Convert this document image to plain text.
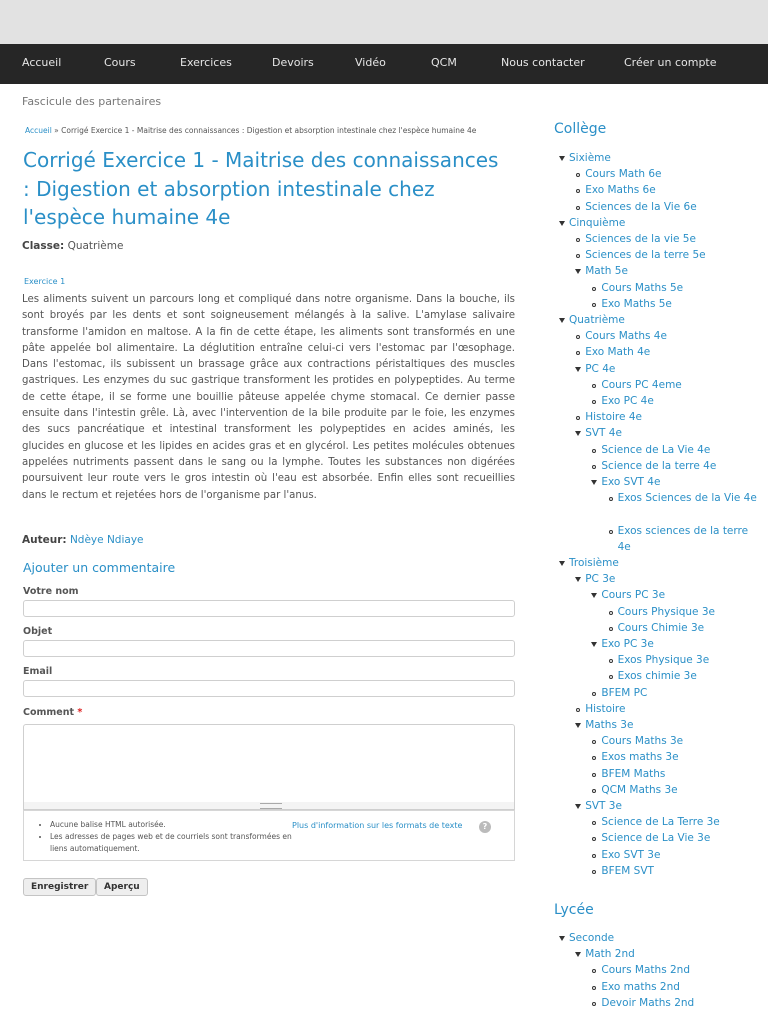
Accueil	Cours	Exercices	Devoirs	Vidéo	QCM	Nous contacter	Créer un compte
Fascicule des partenaires
Accueil » Corrigé Exercice 1 - Maitrise des connaissances : Digestion et absorption intestinale chez l'espèce humaine 4e
Corrigé Exercice 1 - Maitrise des connaissances : Digestion et absorption intestinale chez l'espèce humaine 4e
Classe: Quatrième
Exercice 1

Les aliments suivent un parcours long et compliqué dans notre organisme. Dans la bouche, ils sont broyés par les dents et sont soigneusement mélangés à la salive. L'amylase salivaire transforme l'amidon en maltose. A la fin de cette étape, les aliments sont transformés en une pâte appelée bol alimentaire. La déglutition entraîne celui-ci vers l'estomac par l'œsophage. Dans l'estomac, ils subissent un brassage grâce aux contractions péristaltiques des muscles gastriques. Les enzymes du suc gastrique transforment les protides en polypeptides. Au terme de cette étape, il se forme une bouillie pâteuse appelée chyme stomacal. Ce dernier passe ensuite dans l'intestin grêle. Là, avec l'intervention de la bile produite par le foie, les enzymes des sucs pancréatique et intestinal transforment les polypeptides en acides aminés, les glucides en glucose et les lipides en acides gras et en glycérol. Les petites molécules obtenues appelées nutriments passent dans le sang ou la lymphe. Toutes les substances non digérées poursuivent leur route vers le gros intestin où l'eau est absorbée. Enfin elles sont recueillies dans le rectum et rejetées hors de l'organisme par l'anus.

Auteur: Ndèye Ndiaye
Ajouter un commentaire
Votre nom
Objet
Email
Comment *
• Aucune balise HTML autorisée.
• Les adresses de pages web et de courriels sont transformées en liens automatiquement.
Plus d'information sur les formats de texte	?
Enregistrer	Aperçu
Collège
Sixième
Cours Math 6e
Exo Maths 6e
Sciences de la Vie 6e
Cinquième
Sciences de la vie 5e
Sciences de la terre 5e
Math 5e
Cours Maths 5e
Exo Maths 5e
Quatrième
Cours Maths 4e
Exo Math 4e
PC 4e
Cours PC 4eme
Exo PC 4e
Histoire 4e
SVT 4e
Science de La Vie 4e
Science de la terre 4e
Exo SVT 4e
Exos Sciences de la Vie 4e
Exos sciences de la terre 4e
Troisième
PC 3e
Cours PC 3e
Cours Physique 3e
Cours Chimie 3e
Exo PC 3e
Exos Physique 3e
Exos chimie 3e
BFEM PC
Histoire
Maths 3e
Cours Maths 3e
Exos maths 3e
BFEM Maths
QCM Maths 3e
SVT 3e
Science de La Terre 3e
Science de La Vie 3e
Exo SVT 3e
BFEM SVT
Lycée
Seconde
Math 2nd
Cours Maths 2nd
Exo maths 2nd
Devoir Maths 2nd
